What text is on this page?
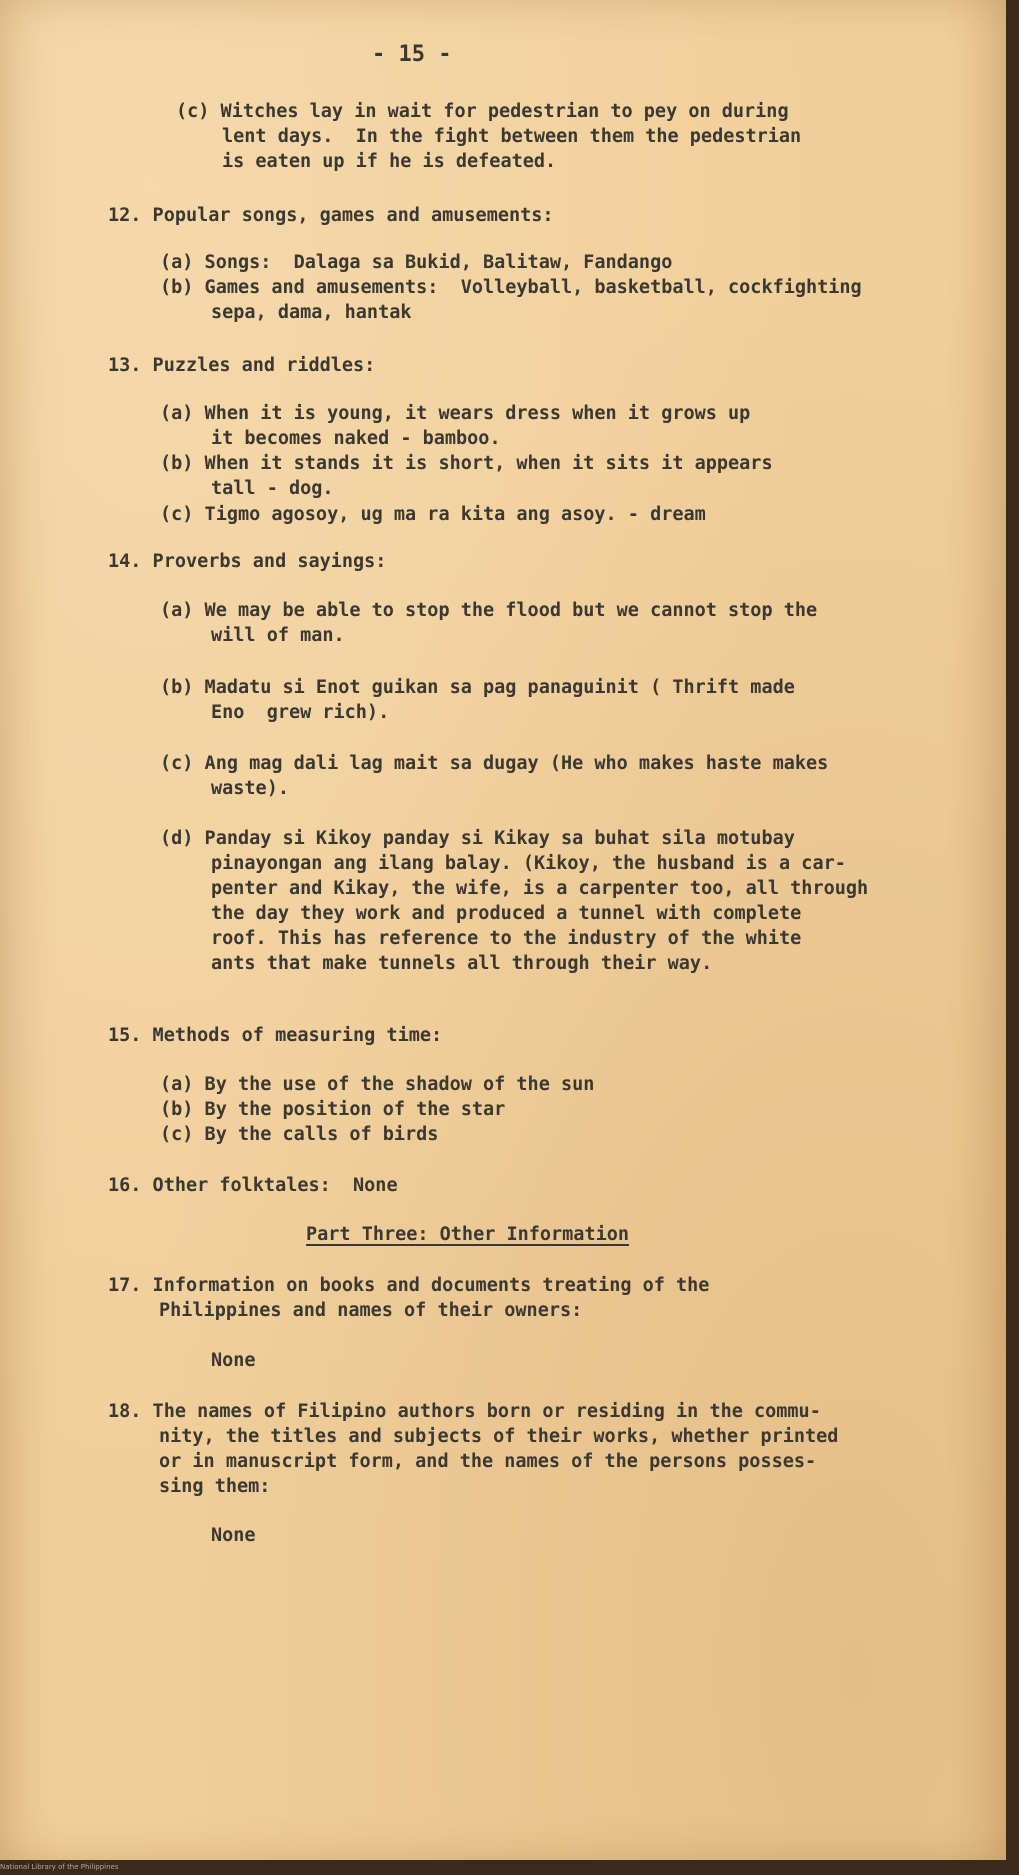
- 15 -
(c) Witches lay in wait for pedestrian to pey on during
lent days.  In the fight between them the pedestrian
is eaten up if he is defeated.
12. Popular songs, games and amusements:
(a) Songs:  Dalaga sa Bukid, Balitaw, Fandango
(b) Games and amusements:  Volleyball, basketball, cockfighting
sepa, dama, hantak
13. Puzzles and riddles:
(a) When it is young, it wears dress when it grows up
it becomes naked - bamboo.
(b) When it stands it is short, when it sits it appears
tall - dog.
(c) Tigmo agosoy, ug ma ra kita ang asoy. - dream
14. Proverbs and sayings:
(a) We may be able to stop the flood but we cannot stop the
will of man.
(b) Madatu si Enot guikan sa pag panaguinit ( Thrift made
Eno  grew rich).
(c) Ang mag dali lag mait sa dugay (He who makes haste makes
waste).
(d) Panday si Kikoy panday si Kikay sa buhat sila motubay
pinayongan ang ilang balay. (Kikoy, the husband is a car-
penter and Kikay, the wife, is a carpenter too, all through
the day they work and produced a tunnel with complete
roof. This has reference to the industry of the white
ants that make tunnels all through their way.
15. Methods of measuring time:
(a) By the use of the shadow of the sun
(b) By the position of the star
(c) By the calls of birds
16. Other folktales:  None
Part Three: Other Information
17. Information on books and documents treating of the
Philippines and names of their owners:
None
18. The names of Filipino authors born or residing in the commu-
nity, the titles and subjects of their works, whether printed
or in manuscript form, and the names of the persons posses-
sing them:
None
National Library of the Philippines
